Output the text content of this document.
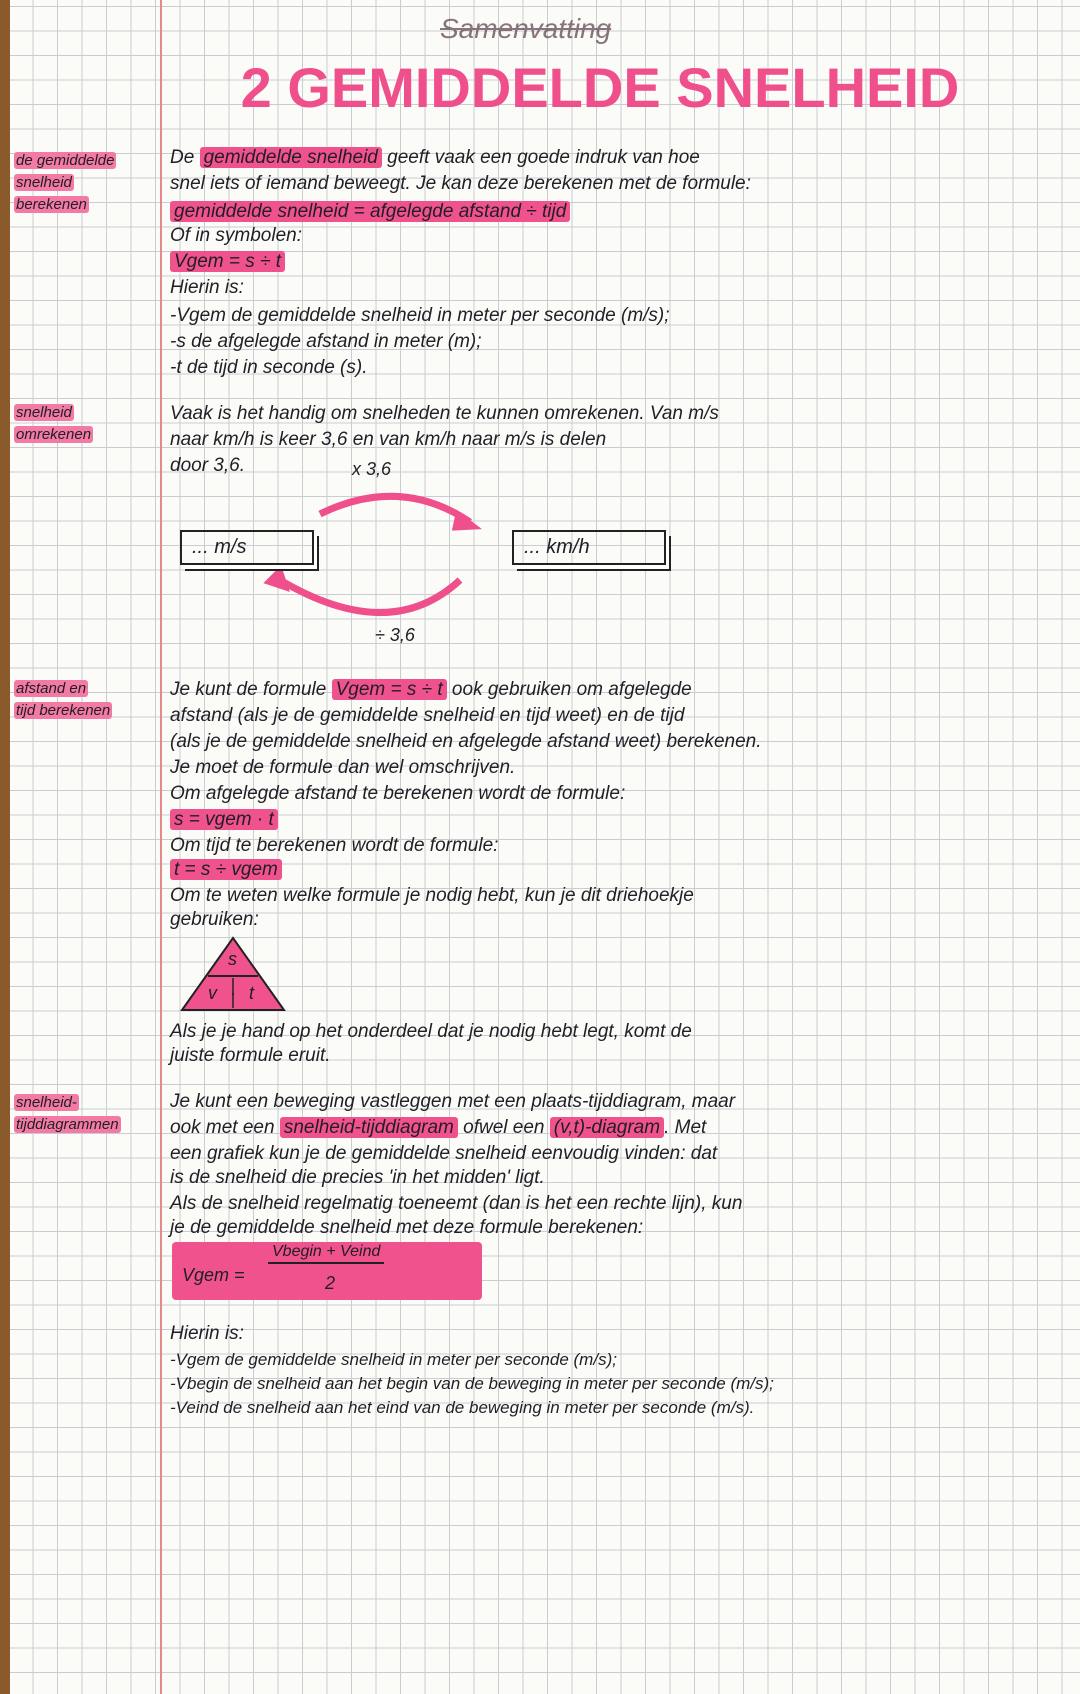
Samenvatting
2 GEMIDDELDE SNELHEID
de gemiddelde
snelheid
berekenen
De gemiddelde snelheid geeft vaak een goede indruk van hoe
snel iets of iemand beweegt. Je kan deze berekenen met de formule:
gemiddelde snelheid = afgelegde afstand ÷ tijd
Of in symbolen:
Vgem = s ÷ t
Hierin is:
-Vgem de gemiddelde snelheid in meter per seconde (m/s);
-s de afgelegde afstand in meter (m);
-t de tijd in seconde (s).
snelheid
omrekenen
Vaak is het handig om snelheden te kunnen omrekenen. Van m/s
naar km/h is keer 3,6 en van km/h naar m/s is delen
door 3,6.	x 3,6
... m/s	... km/h
÷ 3,6
afstand en
tijd berekenen
Je kunt de formule Vgem = s ÷ t ook gebruiken om afgelegde
afstand (als je de gemiddelde snelheid en tijd weet) en de tijd
(als je de gemiddelde snelheid en afgelegde afstand weet) berekenen.
Je moet de formule dan wel omschrijven.
Om afgelegde afstand te berekenen wordt de formule:
s = vgem · t
Om tijd te berekenen wordt de formule:
t = s ÷ vgem
Om te weten welke formule je nodig hebt, kun je dit driehoekje
gebruiken:
s
v · t
Als je je hand op het onderdeel dat je nodig hebt legt, komt de
juiste formule eruit.
snelheid-
tijddiagrammen
Je kunt een beweging vastleggen met een plaats-tijddiagram, maar
ook met een snelheid-tijddiagram ofwel een (v,t)-diagram . Met
een grafiek kun je de gemiddelde snelheid eenvoudig vinden: dat
is de snelheid die precies 'in het midden' ligt.
Als de snelheid regelmatig toeneemt (dan is het een rechte lijn), kun
je de gemiddelde snelheid met deze formule berekenen:
Vgem =
Vbegin + Veind
2
Hierin is:
-Vgem de gemiddelde snelheid in meter per seconde (m/s);
-Vbegin de snelheid aan het begin van de beweging in meter per seconde (m/s);
-Veind de snelheid aan het eind van de beweging in meter per seconde (m/s).
